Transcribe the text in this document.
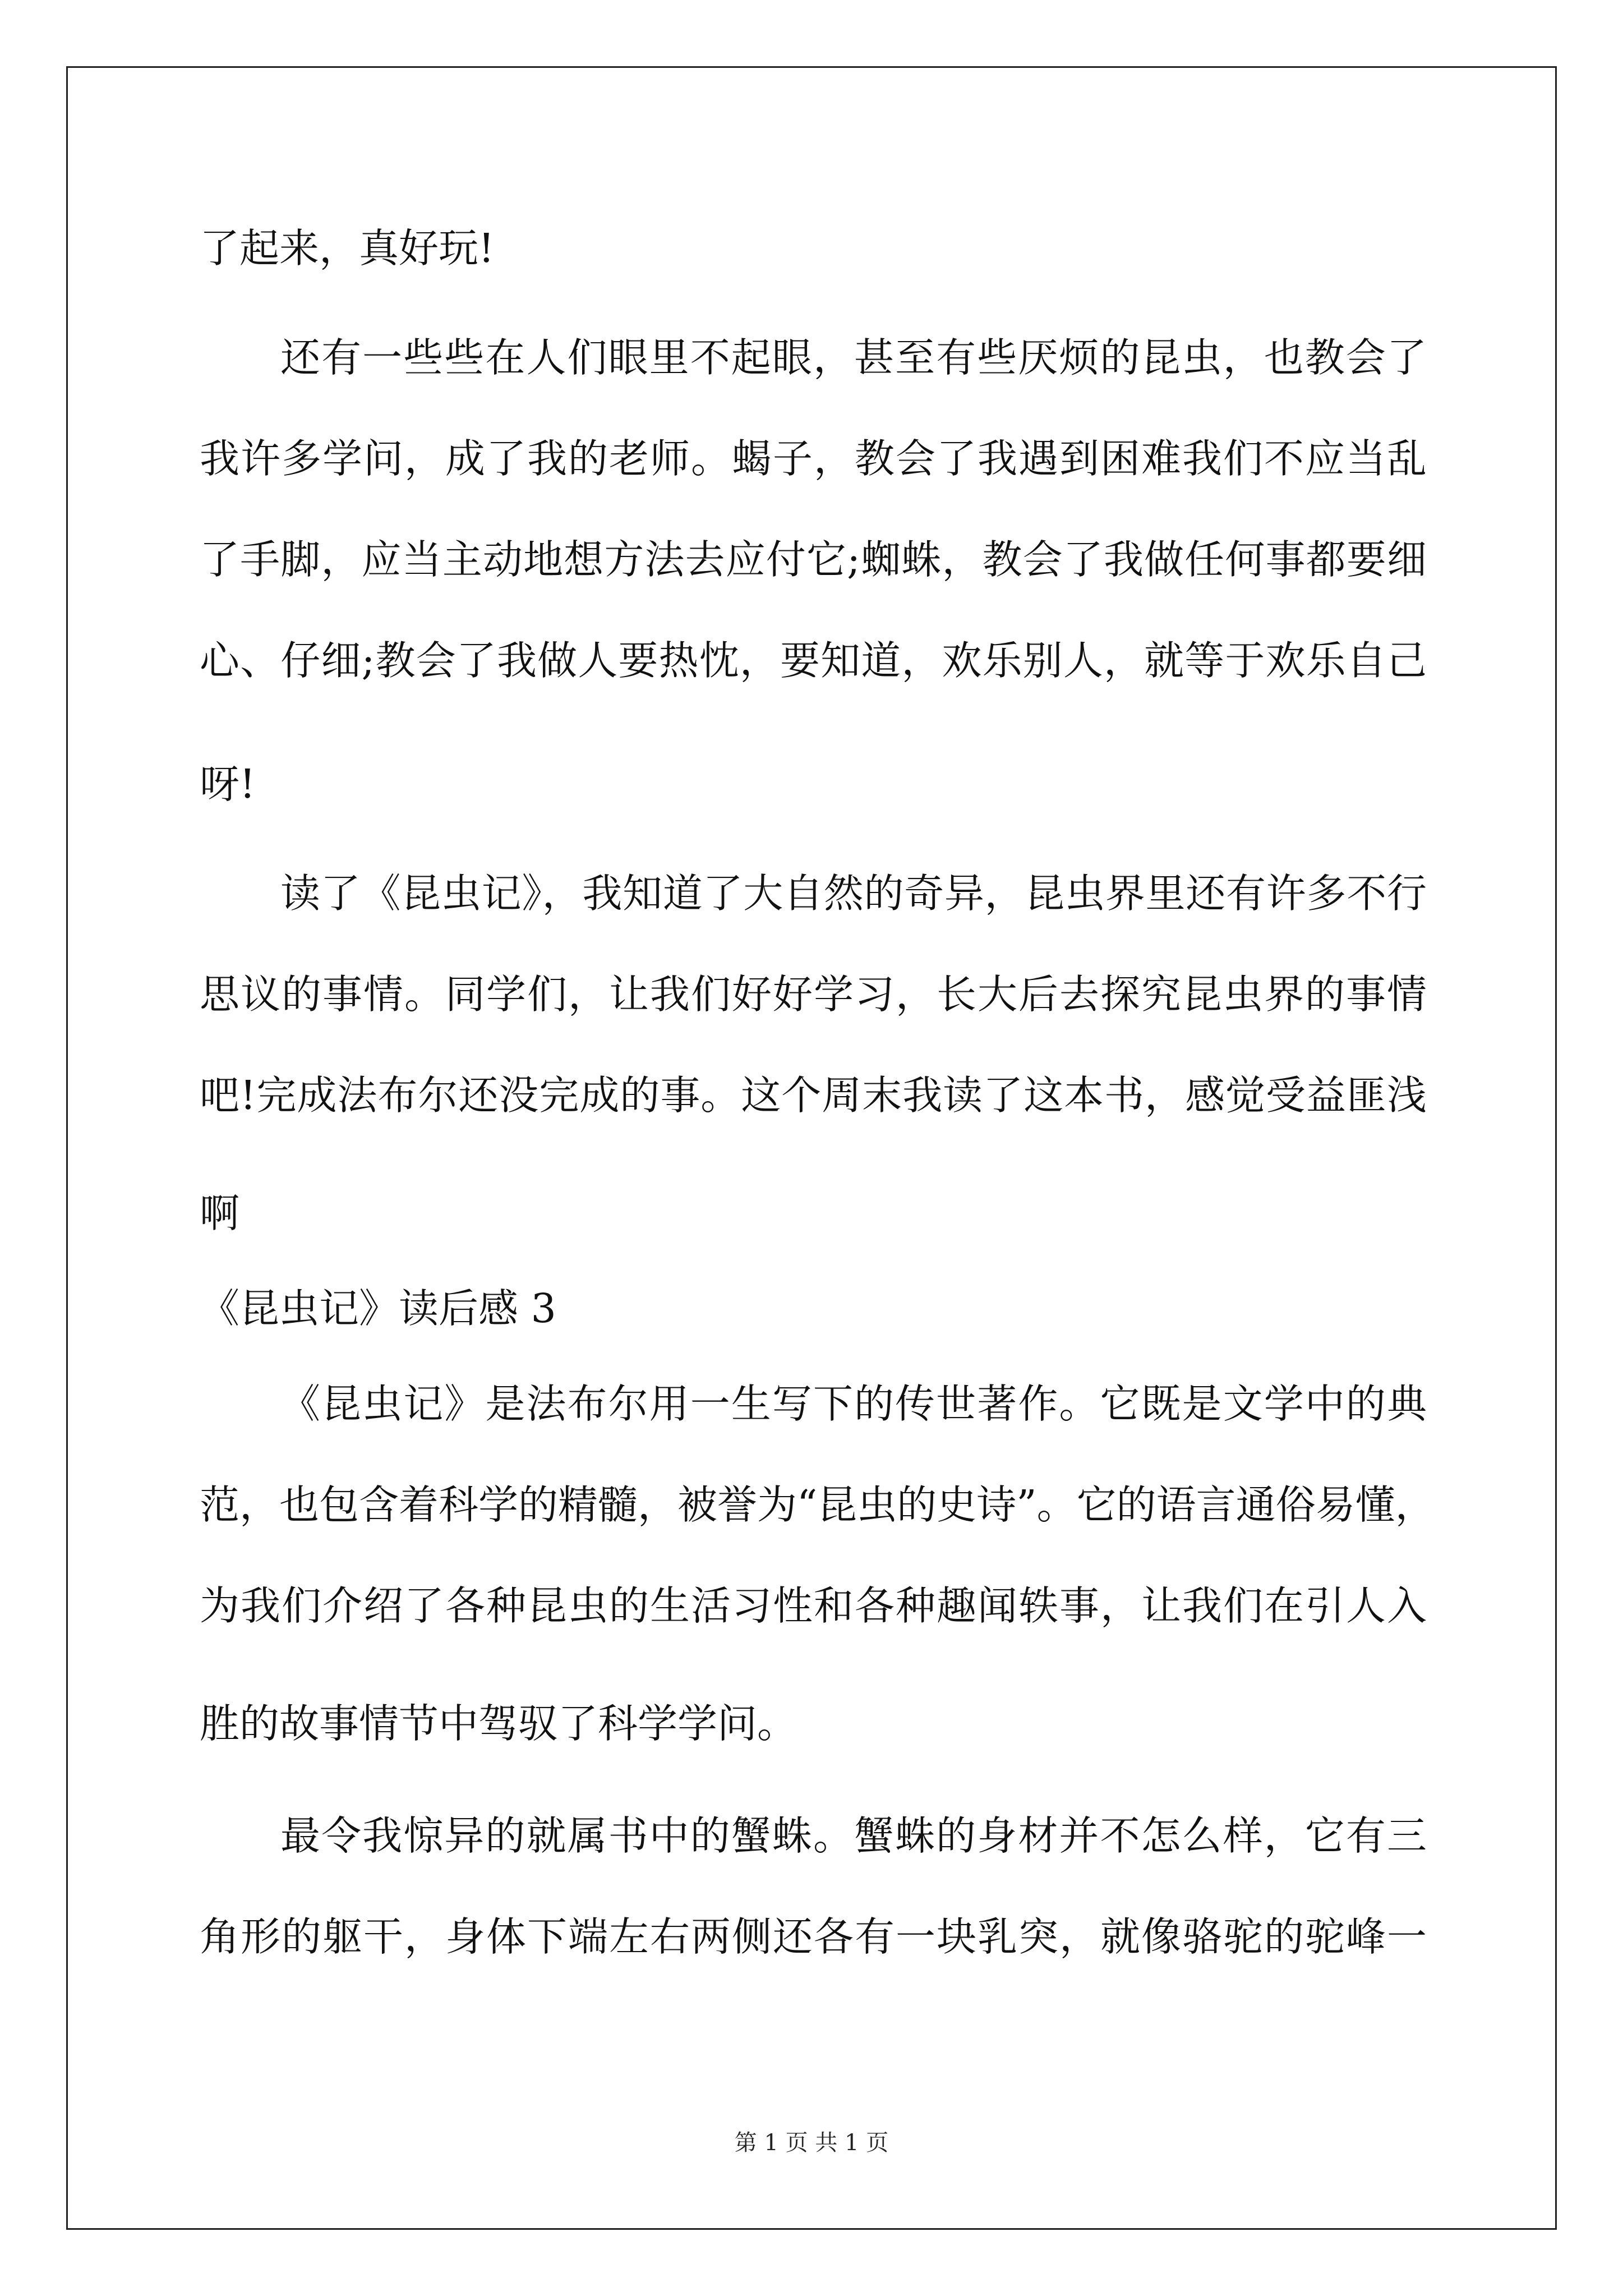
了起来，真好玩!
还有一些些在人们眼里不起眼，甚至有些厌烦的昆虫，也教会了
我许多学问，成了我的老师。蝎子，教会了我遇到困难我们不应当乱
了手脚，应当主动地想方法去应付它;蜘蛛，教会了我做任何事都要细
心、仔细;教会了我做人要热忱，要知道，欢乐别人，就等于欢乐自己
呀!
读了《昆虫记》，我知道了大自然的奇异，昆虫界里还有许多不行
思议的事情。同学们，让我们好好学习，长大后去探究昆虫界的事情
吧!完成法布尔还没完成的事。这个周末我读了这本书，感觉受益匪浅
啊
《昆虫记》读后感 3
《昆虫记》是法布尔用一生写下的传世著作。它既是文学中的典
范，也包含着科学的精髓，被誉为“昆虫的史诗”。它的语言通俗易懂，
为我们介绍了各种昆虫的生活习性和各种趣闻轶事，让我们在引人入
胜的故事情节中驾驭了科学学问。
最令我惊异的就属书中的蟹蛛。蟹蛛的身材并不怎么样，它有三
角形的躯干，身体下端左右两侧还各有一块乳突，就像骆驼的驼峰一
第 1 页 共 1 页
